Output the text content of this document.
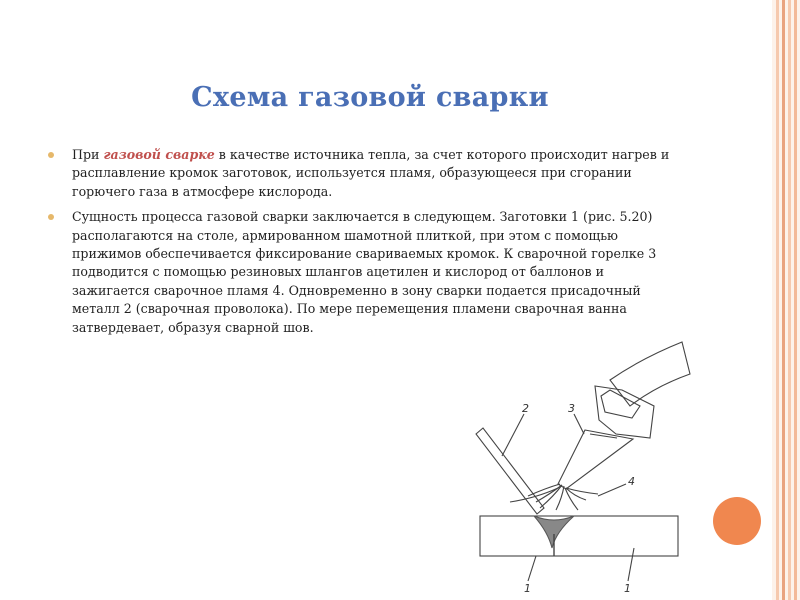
Схема газовой сварки
При газовой сварке в качестве источника тепла, за счет которого происходит нагрев и расплавление кромок заготовок, используется пламя, образующееся при сгорании горючего газа в атмосфере кислорода.
Сущность процесса газовой сварки заключается в следующем. Заготовки 1 (рис. 5.20) располагаются на столе, армированном шамотной плиткой, при этом с помощью прижимов обеспечивается фиксирование свариваемых кромок. К сварочной горелке 3 подводится с помощью резиновых шлангов ацетилен и кислород от баллонов и зажигается сварочное пламя 4. Одновременно в зону сварки подается присадочный металл 2 (сварочная проволока). По мере перемещения пламени сварочная ванна затвердевает, образуя сварной шов.
2	3
4
1	1
